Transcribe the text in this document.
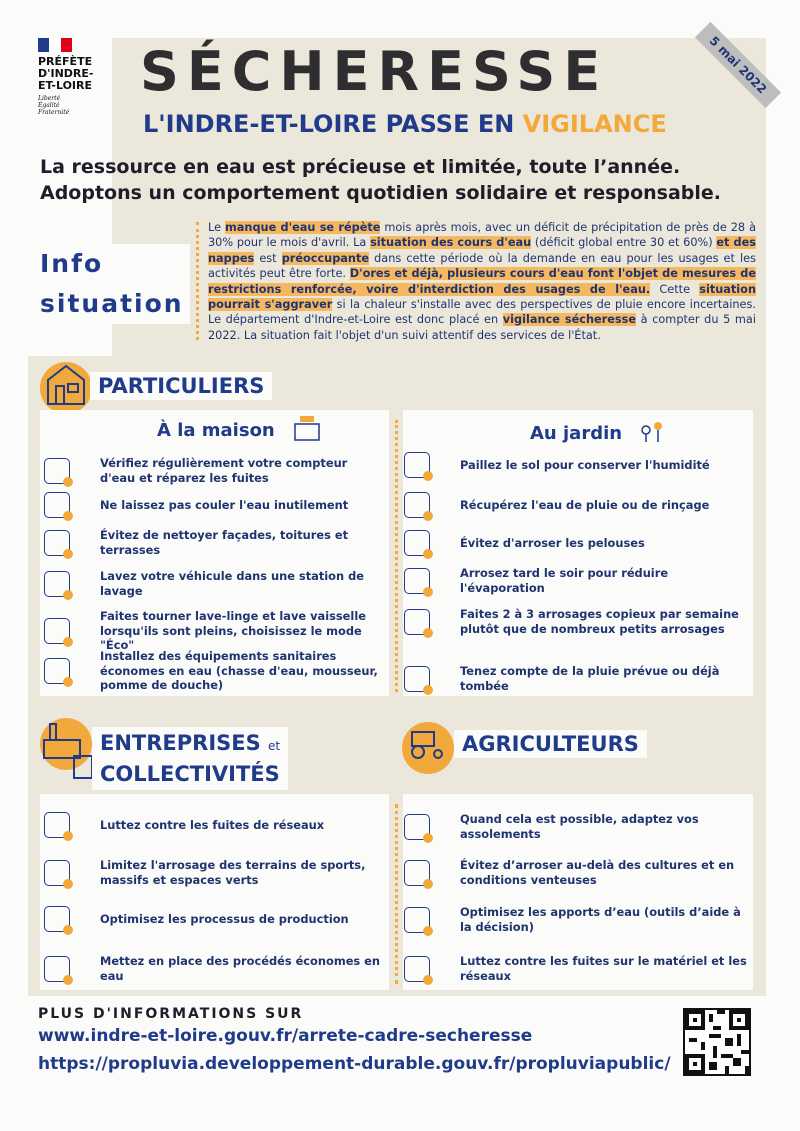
PRÉFÈTE
D'INDRE-
ET-LOIRE
Liberté
Égalité
Fraternité
SÉCHERESSE
L'INDRE-ET-LOIRE PASSE EN VIGILANCE
5 mai 2022
La ressource en eau est précieuse et limitée, toute l’année.
Adoptons un comportement quotidien solidaire et responsable.
Info
situation
Le manque d'eau se répète mois après mois, avec un déficit de précipitation de près de 28 à 30% pour le mois d'avril. La situation des cours d'eau (déficit global entre 30 et 60%) et des nappes est préoccupante dans cette période où la demande en eau pour les usages et les activités peut être forte. D'ores et déjà, plusieurs cours d'eau font l'objet de mesures de restrictions renforcée, voire d'interdiction des usages de l'eau. Cette situation pourrait s'aggraver si la chaleur s'installe avec des perspectives de pluie encore incertaines. Le département d'Indre-et-Loire est donc placé en vigilance sécheresse à compter du 5 mai 2022. La situation fait l'objet d'un suivi attentif des services de l'État.
PARTICULIERS
À la maison	Au jardin
Vérifiez régulièrement votre compteur d'eau et réparez les fuites
Ne laissez pas couler l'eau inutilement
Évitez de nettoyer façades, toitures et terrasses
Lavez votre véhicule dans une station de lavage
Faites tourner lave-linge et lave vaisselle lorsqu'ils sont pleins, choisissez le mode "Éco"
Installez des équipements sanitaires économes en eau (chasse d'eau, mousseur, pomme de douche)
Paillez le sol pour conserver l'humidité
Récupérez l'eau de pluie ou de rinçage
Évitez d'arroser les pelouses
Arrosez tard le soir pour réduire l'évaporation
Faites 2 à 3 arrosages copieux par semaine plutôt que de nombreux petits arrosages
Tenez compte de la pluie prévue ou déjà tombée
ENTREPRISES et
COLLECTIVITÉS
AGRICULTEURS
Luttez contre les fuites de réseaux
Limitez l'arrosage des terrains de sports, massifs et espaces verts
Optimisez les processus de production
Mettez en place des procédés économes en eau
Quand cela est possible, adaptez vos assolements
Évitez d’arroser au-delà des cultures et en conditions venteuses
Optimisez les apports d’eau (outils d’aide à la décision)
Luttez contre les fuites sur le matériel et les réseaux
PLUS D'INFORMATIONS SUR
www.indre-et-loire.gouv.fr/arrete-cadre-secheresse
https://propluvia.developpement-durable.gouv.fr/propluviapublic/
